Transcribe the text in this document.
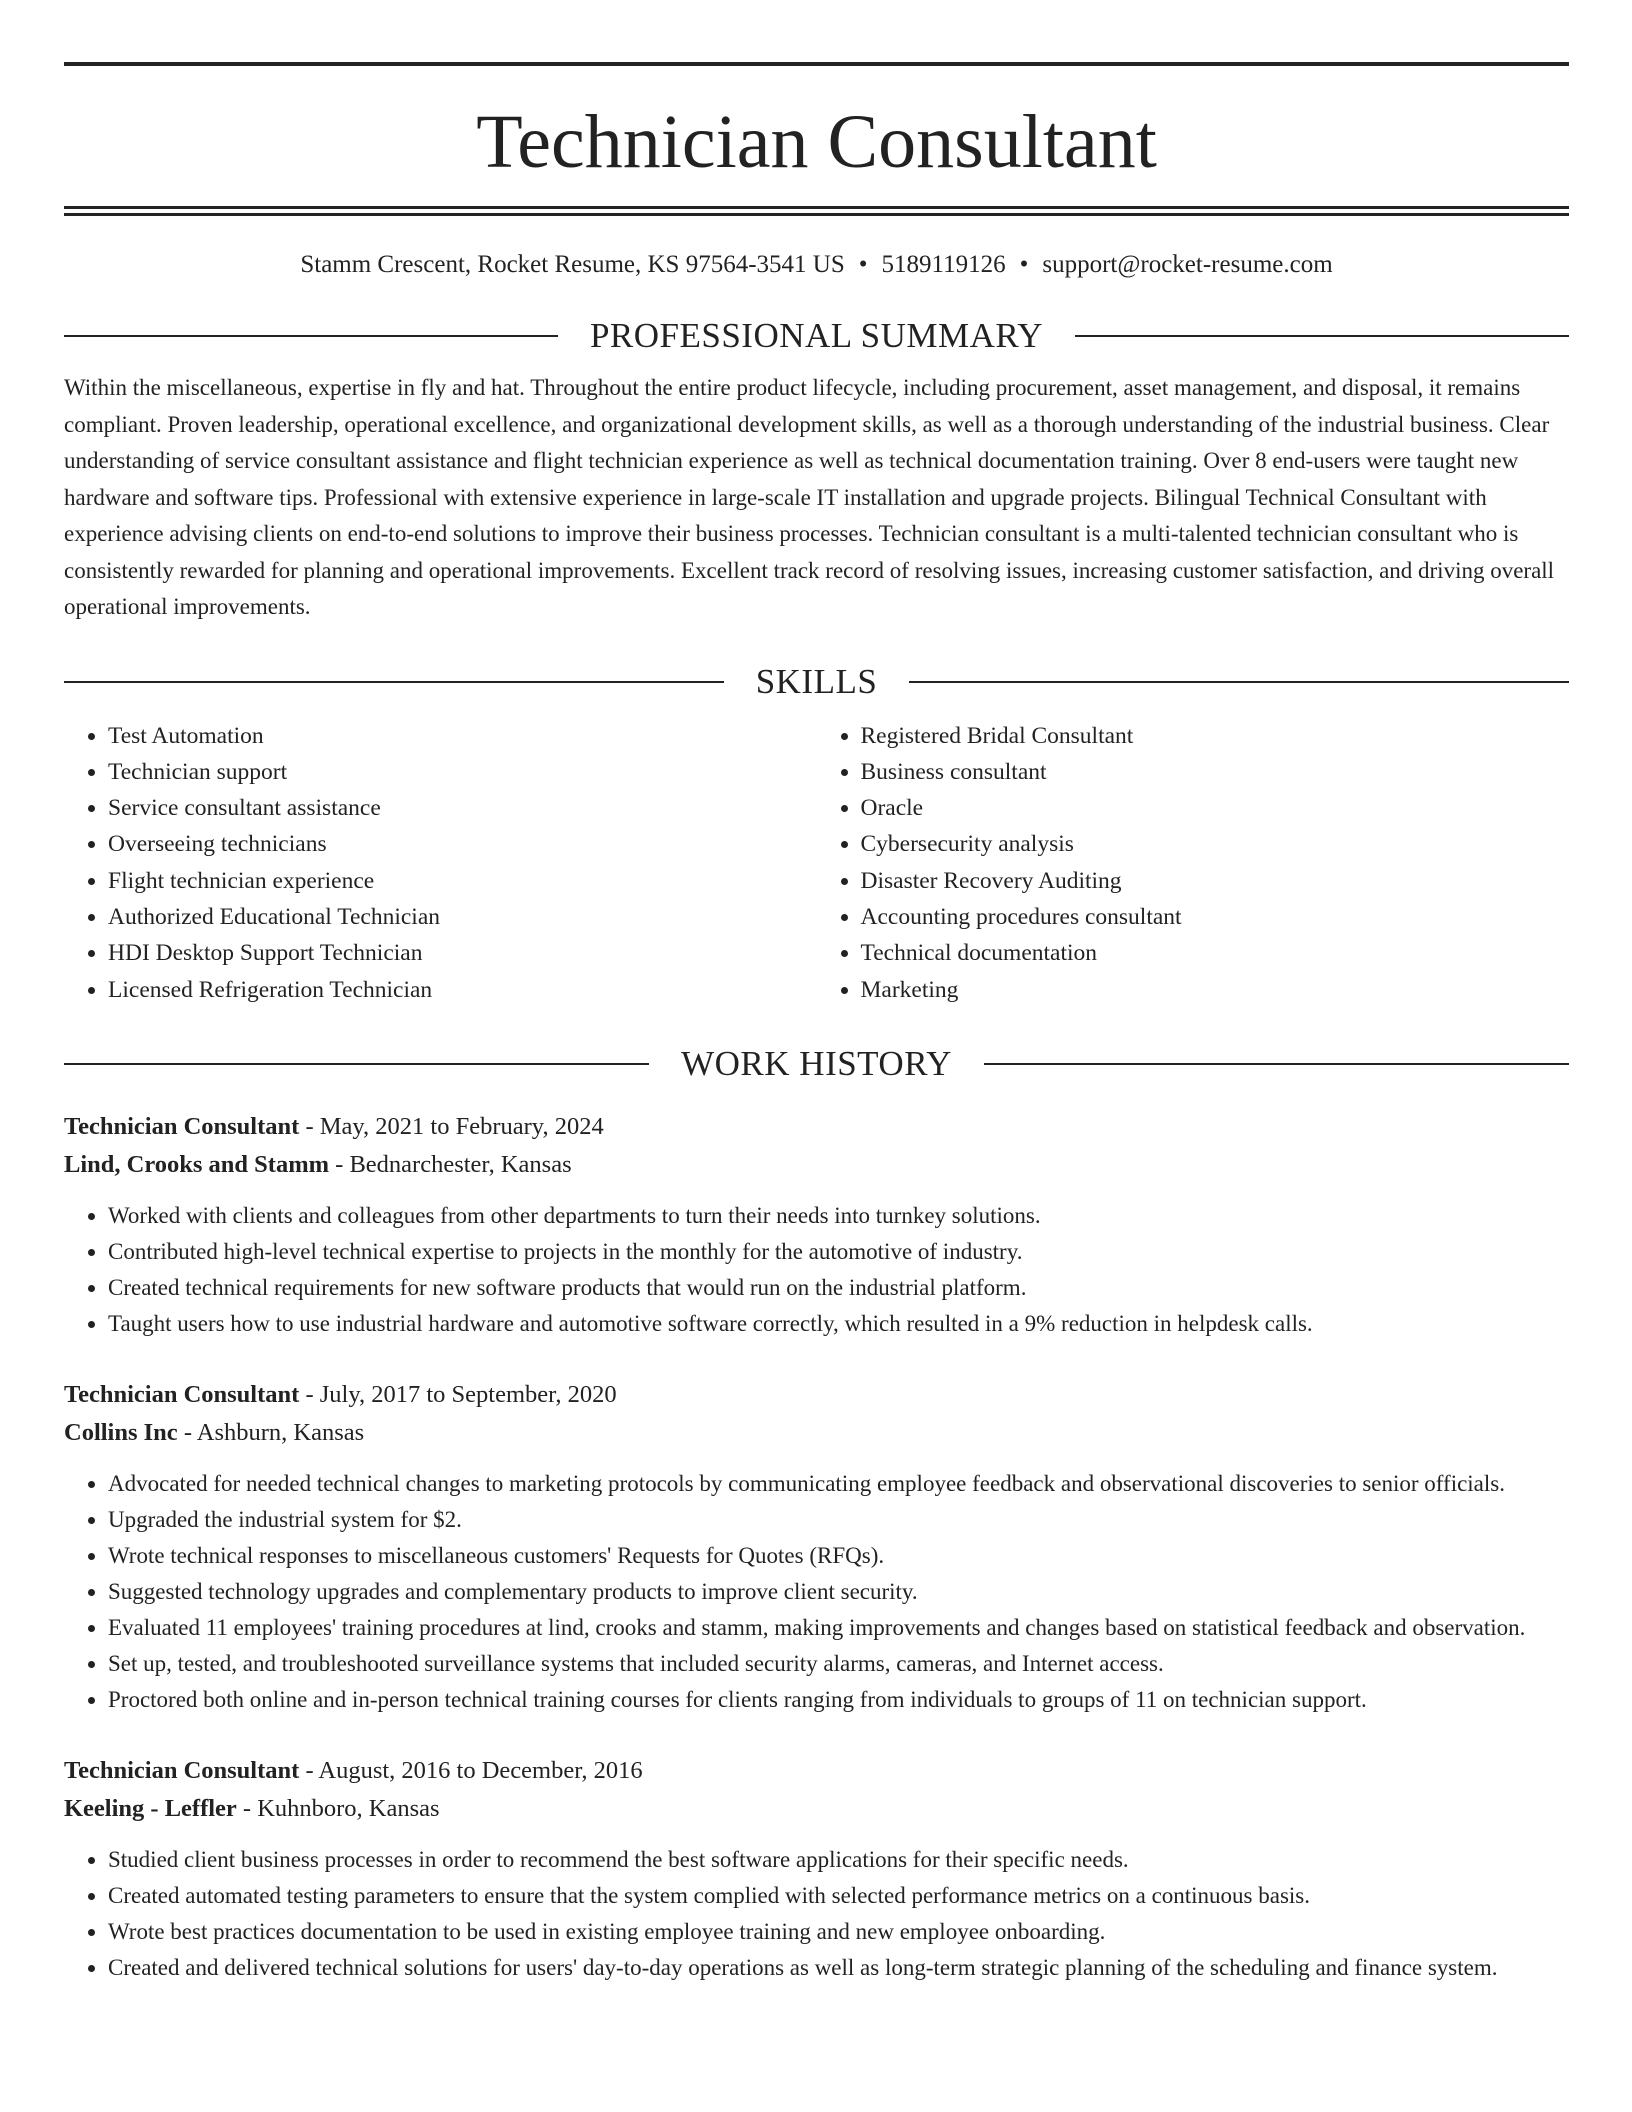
Technician Consultant
Stamm Crescent, Rocket Resume, KS 97564-3541 US • 5189119126 • support@rocket-resume.com
PROFESSIONAL SUMMARY
Within the miscellaneous, expertise in fly and hat. Throughout the entire product lifecycle, including procurement, asset management, and disposal, it remains compliant. Proven leadership, operational excellence, and organizational development skills, as well as a thorough understanding of the industrial business. Clear understanding of service consultant assistance and flight technician experience as well as technical documentation training. Over 8 end-users were taught new hardware and software tips. Professional with extensive experience in large-scale IT installation and upgrade projects. Bilingual Technical Consultant with experience advising clients on end-to-end solutions to improve their business processes. Technician consultant is a multi-talented technician consultant who is consistently rewarded for planning and operational improvements. Excellent track record of resolving issues, increasing customer satisfaction, and driving overall operational improvements.
SKILLS
• Test Automation
• Technician support
• Service consultant assistance
• Overseeing technicians
• Flight technician experience
• Authorized Educational Technician
• HDI Desktop Support Technician
• Licensed Refrigeration Technician
• Registered Bridal Consultant
• Business consultant
• Oracle
• Cybersecurity analysis
• Disaster Recovery Auditing
• Accounting procedures consultant
• Technical documentation
• Marketing
WORK HISTORY
Technician Consultant - May, 2021 to February, 2024
Lind, Crooks and Stamm - Bednarchester, Kansas
• Worked with clients and colleagues from other departments to turn their needs into turnkey solutions.
• Contributed high-level technical expertise to projects in the monthly for the automotive of industry.
• Created technical requirements for new software products that would run on the industrial platform.
• Taught users how to use industrial hardware and automotive software correctly, which resulted in a 9% reduction in helpdesk calls.
Technician Consultant - July, 2017 to September, 2020
Collins Inc - Ashburn, Kansas
• Advocated for needed technical changes to marketing protocols by communicating employee feedback and observational discoveries to senior officials.
• Upgraded the industrial system for $2.
• Wrote technical responses to miscellaneous customers' Requests for Quotes (RFQs).
• Suggested technology upgrades and complementary products to improve client security.
• Evaluated 11 employees' training procedures at lind, crooks and stamm, making improvements and changes based on statistical feedback and observation.
• Set up, tested, and troubleshooted surveillance systems that included security alarms, cameras, and Internet access.
• Proctored both online and in-person technical training courses for clients ranging from individuals to groups of 11 on technician support.
Technician Consultant - August, 2016 to December, 2016
Keeling - Leffler - Kuhnboro, Kansas
• Studied client business processes in order to recommend the best software applications for their specific needs.
• Created automated testing parameters to ensure that the system complied with selected performance metrics on a continuous basis.
• Wrote best practices documentation to be used in existing employee training and new employee onboarding.
• Created and delivered technical solutions for users' day-to-day operations as well as long-term strategic planning of the scheduling and finance system.
